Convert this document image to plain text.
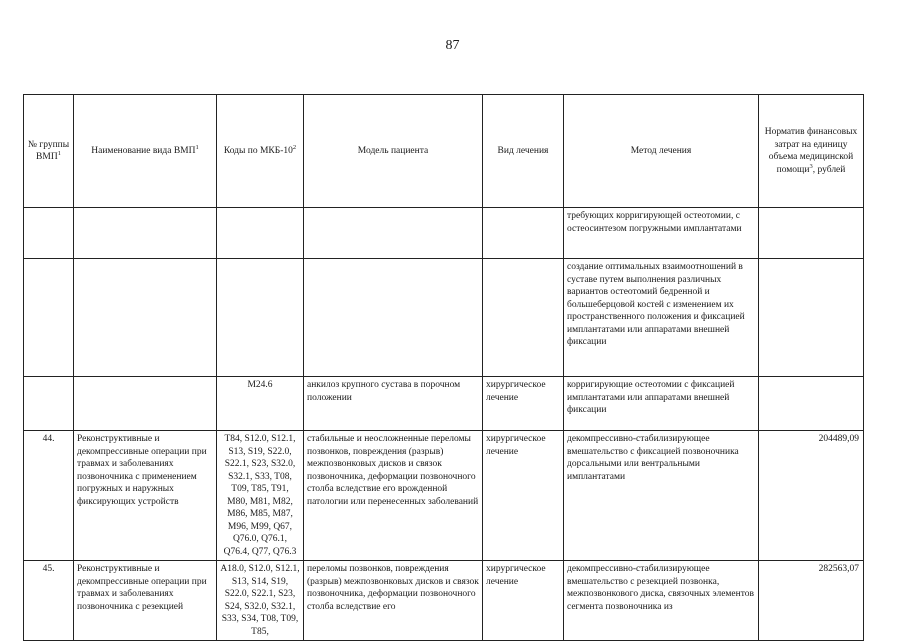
87
№ группы ВМП$^1$	Наименование вида ВМП$^1$	Коды по МКБ-$10^2$	Модель пациента	Вид лечения	Метод лечения	Норматив финансовых затрат на единицу объема медицинской помощи$^3$, рублей
					требующих корригирующей остеотомии, с остеосинтезом погружными имплантатами	
					создание оптимальных взаимоотношений в суставе путем выполнения различных вариантов остеотомий бедренной и большеберцовой костей с изменением их пространственного положения и фиксацией имплантатами или аппаратами внешней фиксации	
		M24.6	анкилоз крупного сустава в порочном положении	хирургическое лечение	корригирующие остеотомии с фиксацией имплантатами или аппаратами внешней фиксации	
44.	Реконструктивные и декомпрессивные операции при травмах и заболеваниях позвоночника с применением погружных и наружных фиксирующих устройств	T84, S12.0, S12.1, S13, S19, S22.0, S22.1, S23, S32.0, S32.1, S33, T08, T09, T85, T91, M80, M81, M82, M86, M85, M87, M96, M99, Q67, Q76.0, Q76.1, Q76.4, Q77, Q76.3	стабильные и неосложненные переломы позвонков, повреждения (разрыв) межпозвонковых дисков и связок позвоночника, деформации позвоночного столба вследствие его врожденной патологии или перенесенных заболеваний	хирургическое лечение	декомпрессивно-стабилизирующее вмешательство с фиксацией позвоночника дорсальными или вентральными имплантатами	204489,09
45.	Реконструктивные и декомпрессивные операции при травмах и заболеваниях позвоночника с резекцией	A18.0, S12.0, S12.1, S13, S14, S19, S22.0, S22.1, S23, S24, S32.0, S32.1, S33, S34, T08, T09, T85,	переломы позвонков, повреждения (разрыв) межпозвонковых дисков и связок позвоночника, деформации позвоночного столба вследствие его	хирургическое лечение	декомпрессивно-стабилизирующее вмешательство с резекцией позвонка, межпозвонкового диска, связочных элементов сегмента позвоночника из	282563,07
